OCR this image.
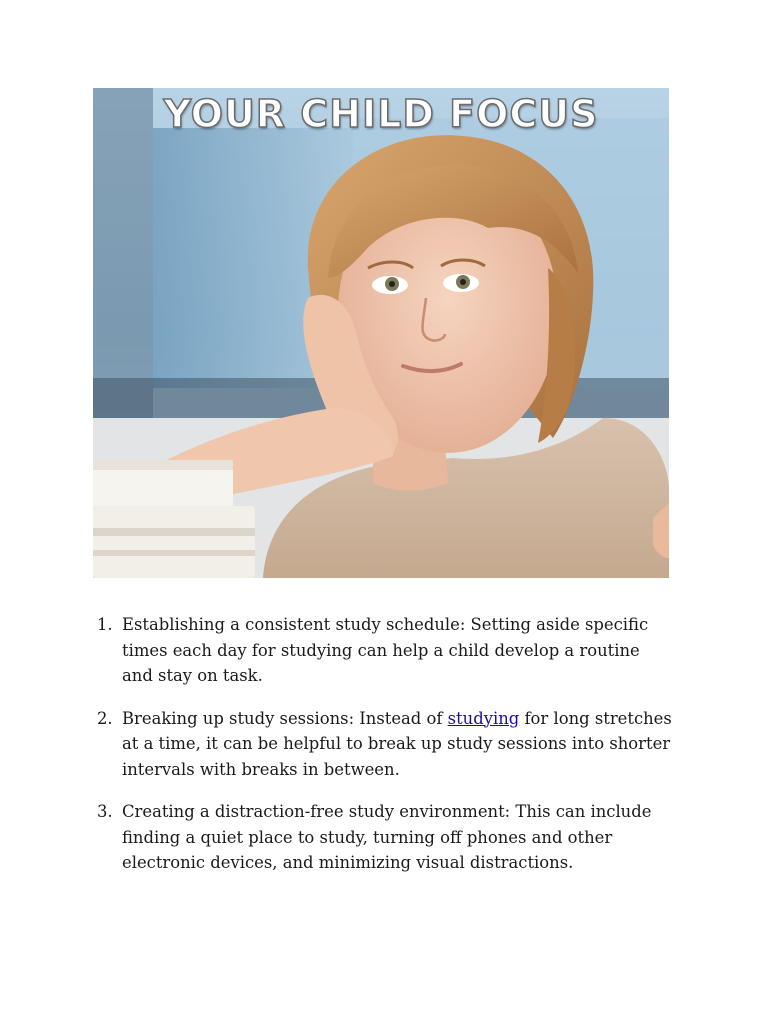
YOUR CHILD FOCUS
1. Establishing a consistent study schedule: Setting aside specific times each day for studying can help a child develop a routine and stay on task.
2. Breaking up study sessions: Instead of studying for long stretches at a time, it can be helpful to break up study sessions into shorter intervals with breaks in between.
3. Creating a distraction-free study environment: This can include finding a quiet place to study, turning off phones and other electronic devices, and minimizing visual distractions.
